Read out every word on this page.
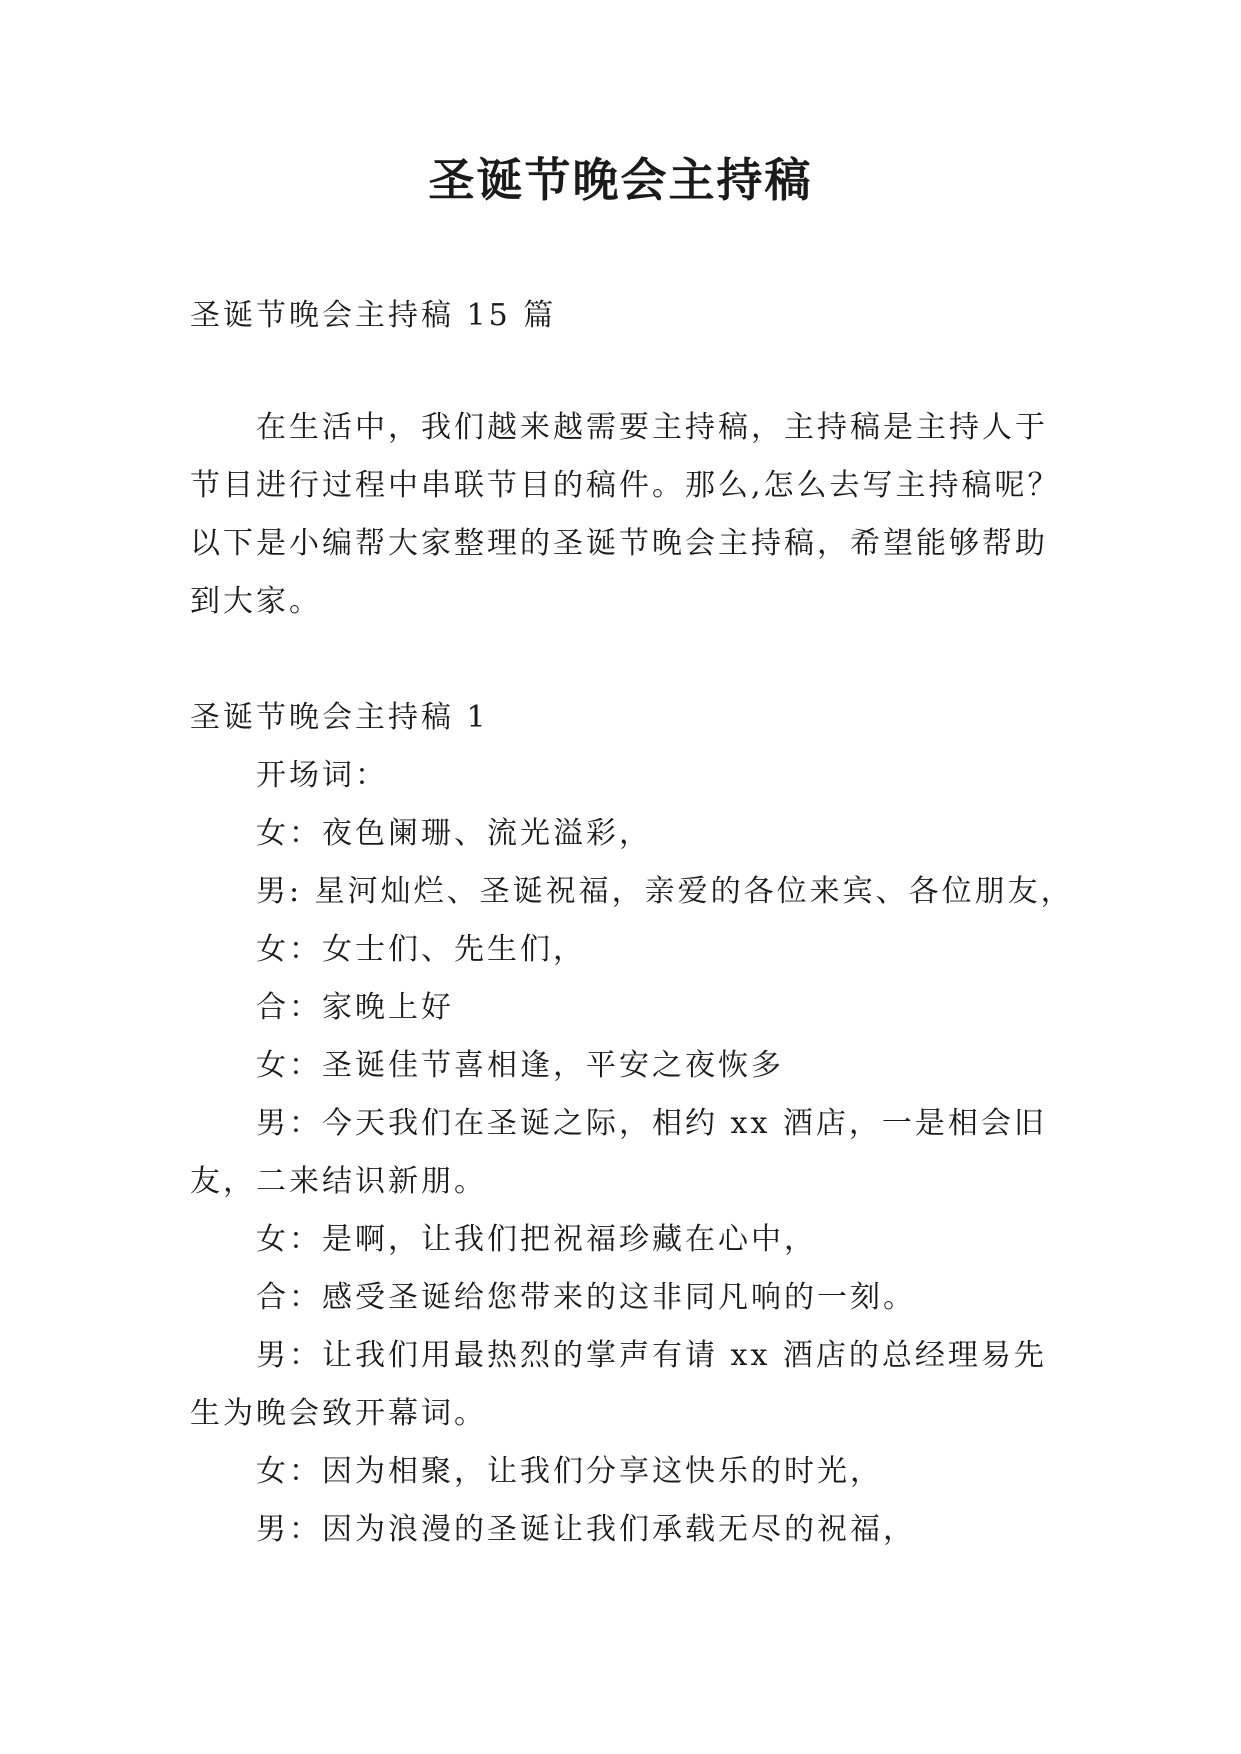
圣诞节晚会主持稿

圣诞节晚会主持稿 15 篇

在生活中，我们越来越需要主持稿，主持稿是主持人于

节目进行过程中串联节目的稿件。那么,怎么去写主持稿呢？

以下是小编帮大家整理的圣诞节晚会主持稿，希望能够帮助

到大家。

圣诞节晚会主持稿 1

开场词：

女：夜色阑珊、流光溢彩，

男: 星河灿烂、圣诞祝福，亲爱的各位来宾、各位朋友，

女：女士们、先生们，

合：家晚上好

女：圣诞佳节喜相逢，平安之夜恢多

男：今天我们在圣诞之际，相约 xx 酒店，一是相会旧

友，二来结识新朋。

女：是啊，让我们把祝福珍藏在心中，

合：感受圣诞给您带来的这非同凡响的一刻。

男：让我们用最热烈的掌声有请 xx 酒店的总经理易先

生为晚会致开幕词。

女：因为相聚，让我们分享这快乐的时光，

男：因为浪漫的圣诞让我们承载无尽的祝福，
